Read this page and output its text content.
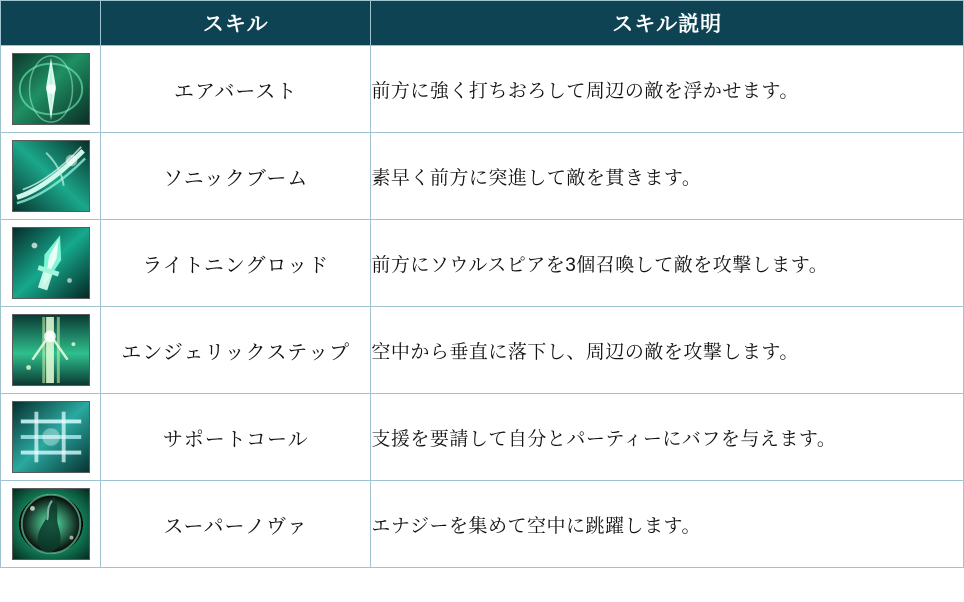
	スキル	スキル説明

	エアバースト	前方に強く打ちおろして周辺の敵を浮かせます。

	ソニックブーム	素早く前方に突進して敵を貫きます。

	ライトニングロッド	前方にソウルスピアを3個召喚して敵を攻撃します。

	エンジェリックステップ	空中から垂直に落下し、周辺の敵を攻撃します。

	サポートコール	支援を要請して自分とパーティーにバフを与えます。

	スーパーノヴァ	エナジーを集めて空中に跳躍します。
